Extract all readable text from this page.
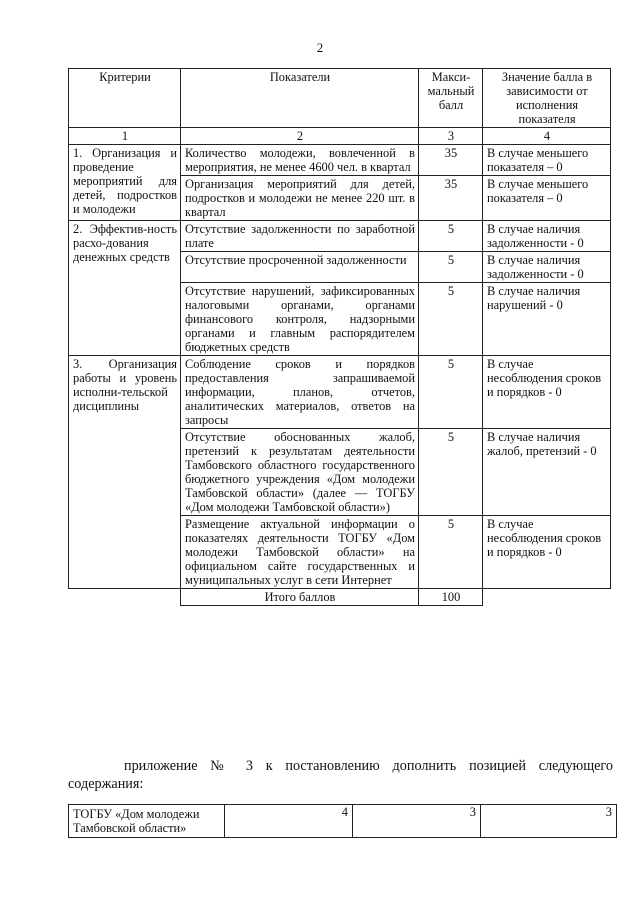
2
Критерии	Показатели	Макси-мальный балл	Значение балла в зависимости от исполнения показателя
1	2	3	4
1. Организация и проведение мероприятий для детей, подростков и молодежи	Количество молодежи, вовлеченной в мероприятия, не менее 4600 чел. в квартал	35	В случае меньшего показателя – 0
	Организация мероприятий для детей, подростков и молодежи не менее 220 шт. в квартал	35	В случае меньшего показателя – 0
2. Эффектив-ность расхо-дования денежных средств	Отсутствие задолженности по заработной плате	5	В случае наличия задолженности - 0
	Отсутствие просроченной задолженности	5	В случае наличия задолженности - 0
	Отсутствие нарушений, зафиксированных налоговыми органами, органами финансового контроля, надзорными органами и главным распорядителем бюджетных средств	5	В случае наличия нарушений - 0
3. Организация работы и уровень исполни-тельской дисциплины	Соблюдение сроков и порядков предоставления запрашиваемой информации, планов, отчетов, аналитических материалов, ответов на запросы	5	В случае несоблюдения сроков и порядков - 0
	Отсутствие обоснованных жалоб, претензий к результатам деятельности Тамбовского областного государственного бюджетного учреждения «Дом молодежи Тамбовской области» (далее — ТОГБУ «Дом молодежи Тамбовской области»)	5	В случае наличия жалоб, претензий - 0
	Размещение актуальной информации о показателях деятельности ТОГБУ «Дом молодежи Тамбовской области» на официальном сайте государственных и муниципальных услуг в сети Интернет	5	В случае несоблюдения сроков и порядков - 0
	Итого баллов	100	
приложение № 3 к постановлению дополнить позицией следующего содержания:
ТОГБУ «Дом молодежи Тамбовской области»	4	3	3
